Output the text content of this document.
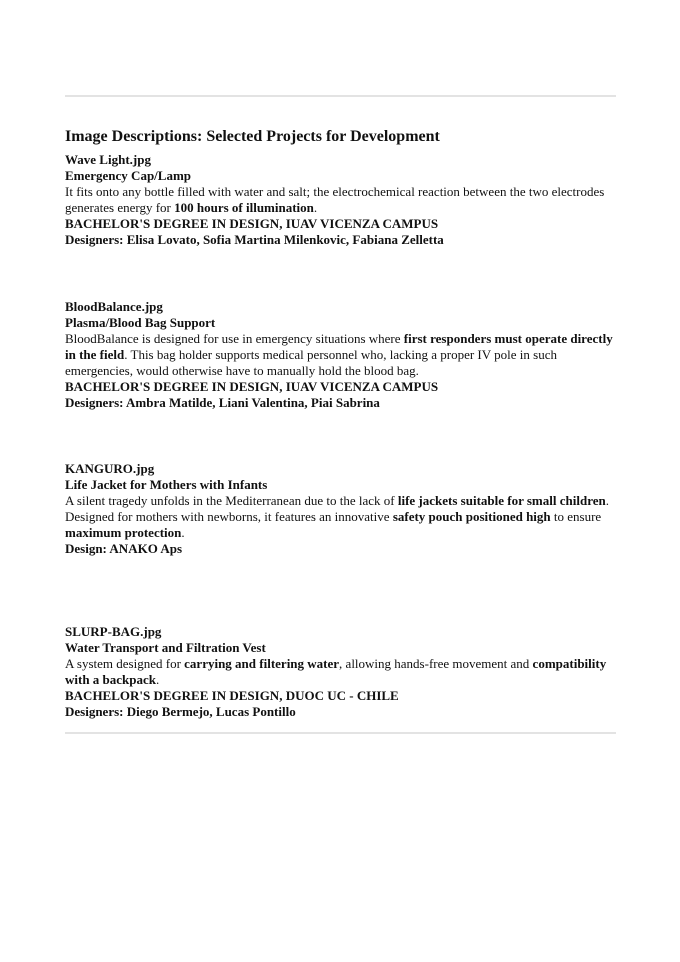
Image Descriptions: Selected Projects for Development

Wave Light.jpg

Emergency Cap/Lamp

It fits onto any bottle filled with water and salt; the electrochemical reaction between the two electrodes generates energy for 100 hours of illumination.

BACHELOR'S DEGREE IN DESIGN, IUAV VICENZA CAMPUS

Designers: Elisa Lovato, Sofia Martina Milenkovic, Fabiana Zelletta

BloodBalance.jpg

Plasma/Blood Bag Support

BloodBalance is designed for use in emergency situations where first responders must operate directly in the field. This bag holder supports medical personnel who, lacking a proper IV pole in such emergencies, would otherwise have to manually hold the blood bag.

BACHELOR'S DEGREE IN DESIGN, IUAV VICENZA CAMPUS

Designers: Ambra Matilde, Liani Valentina, Piai Sabrina

KANGURO.jpg

Life Jacket for Mothers with Infants

A silent tragedy unfolds in the Mediterranean due to the lack of life jackets suitable for small children.

Designed for mothers with newborns, it features an innovative safety pouch positioned high to ensure maximum protection.

Design: ANAKO Aps

SLURP-BAG.jpg

Water Transport and Filtration Vest

A system designed for carrying and filtering water, allowing hands-free movement and compatibility with a backpack.

BACHELOR'S DEGREE IN DESIGN, DUOC UC - CHILE

Designers: Diego Bermejo, Lucas Pontillo
